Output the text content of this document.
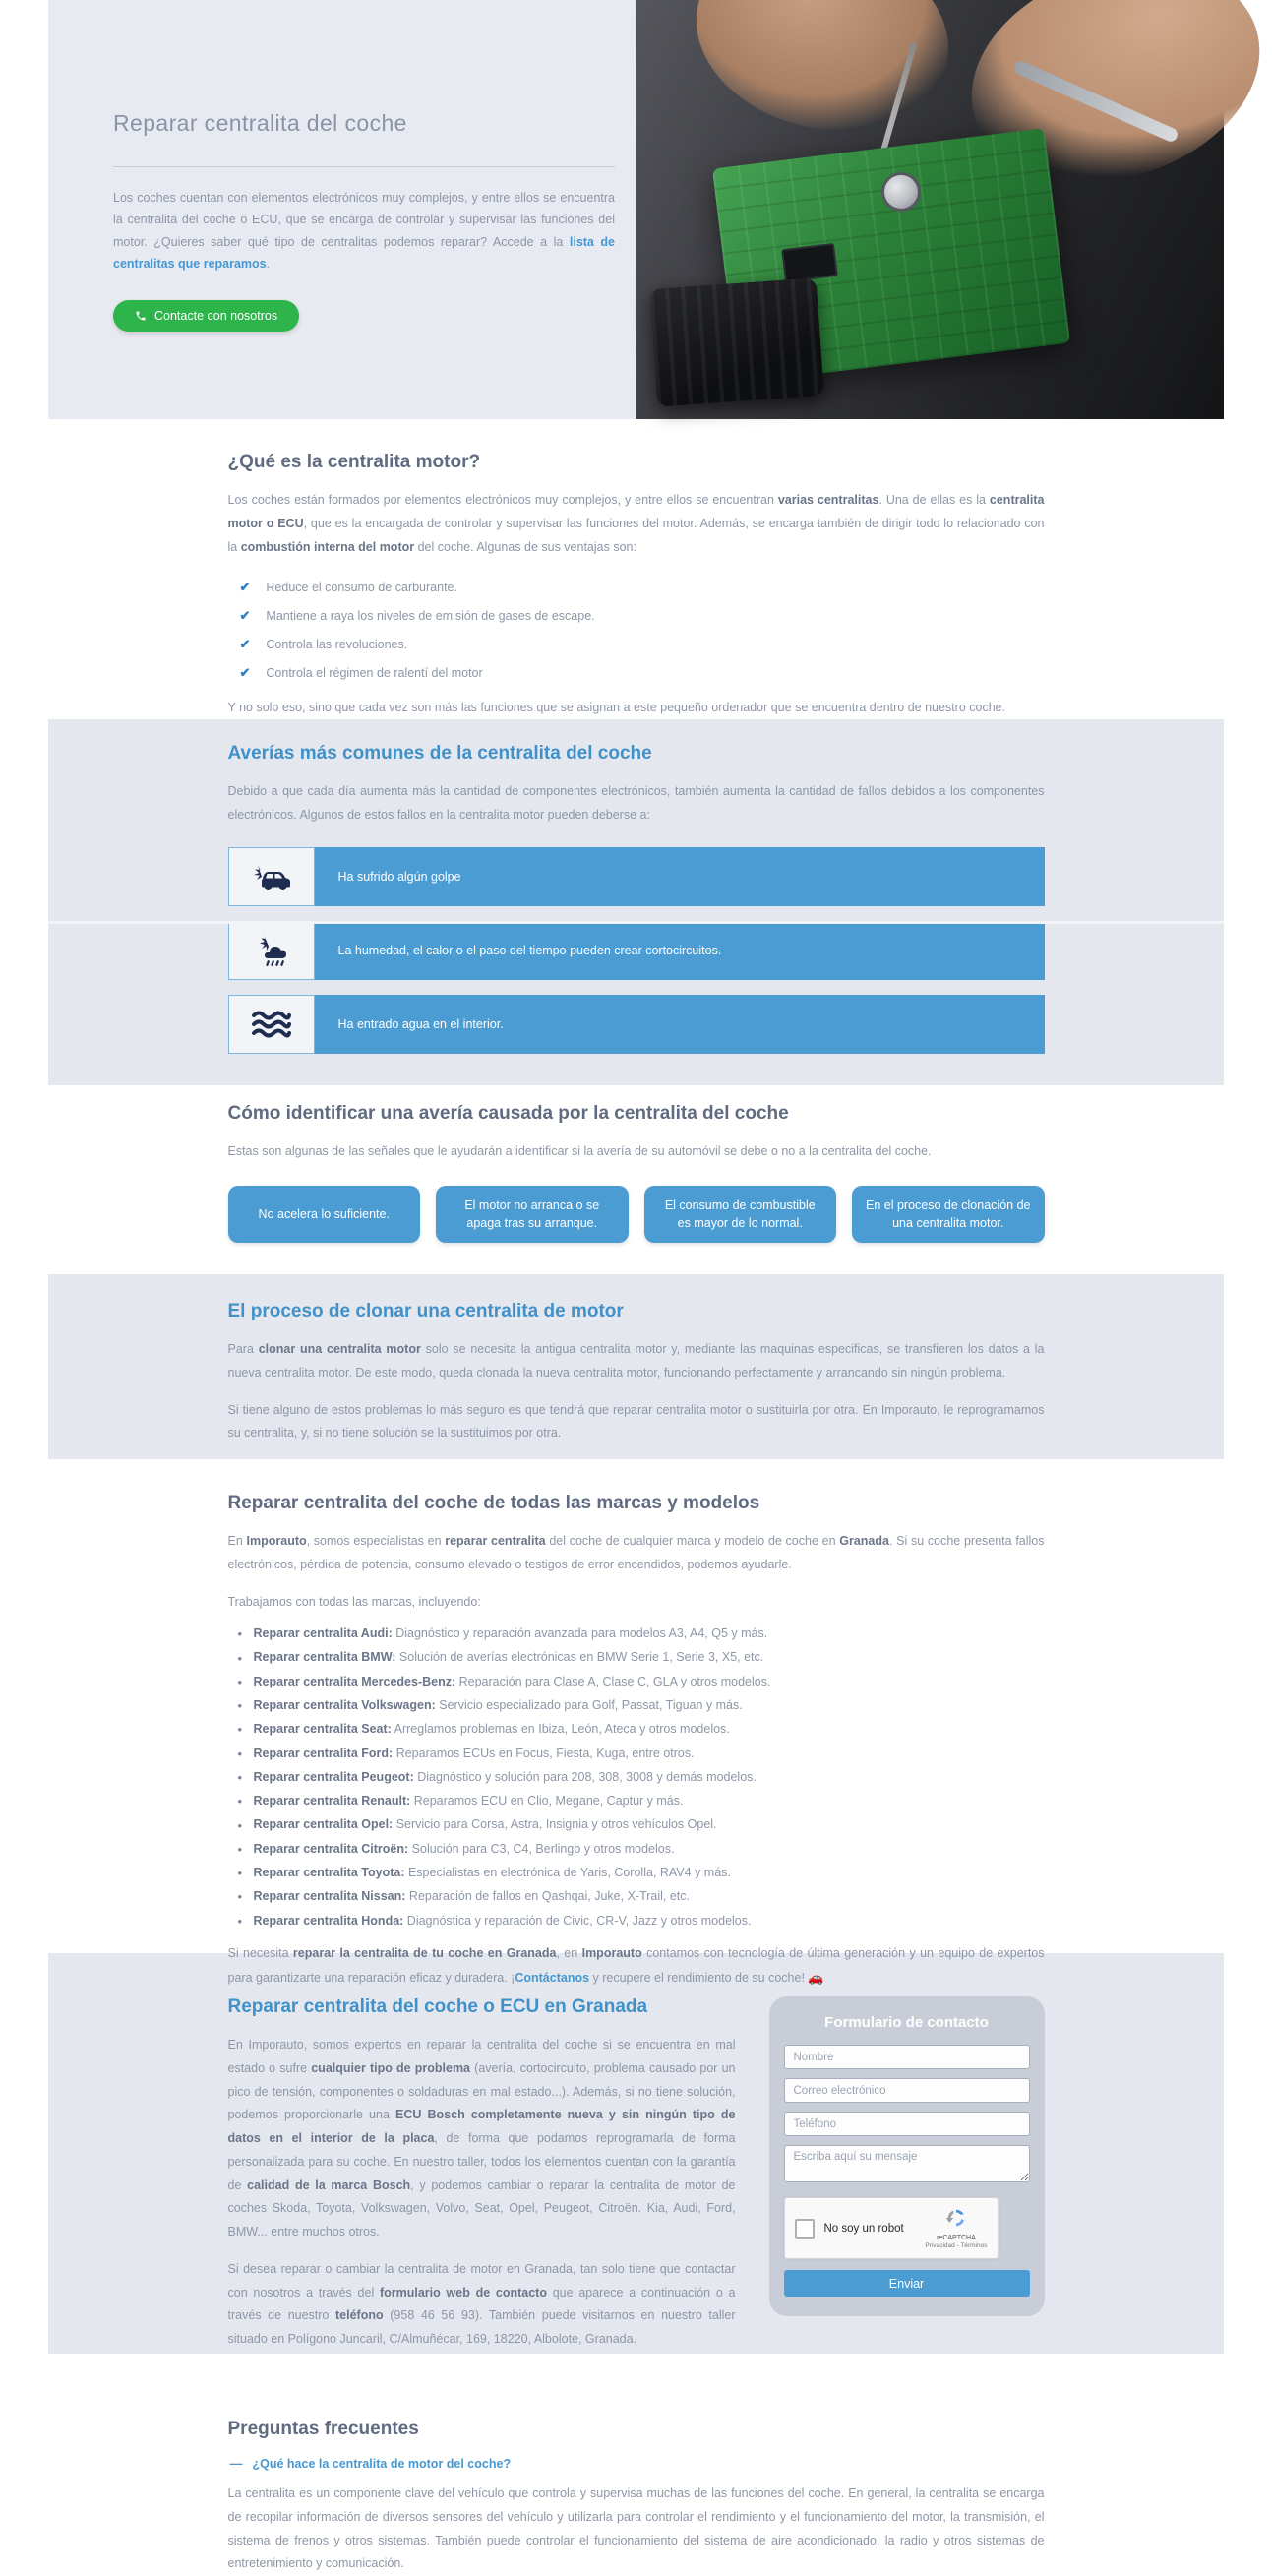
Reparar centralita del coche

Los coches cuentan con elementos electrónicos muy complejos, y entre ellos se encuentra la centralita del coche o ECU, que se encarga de controlar y supervisar las funciones del motor. ¿Quieres saber qué tipo de centralitas podemos reparar? Accede a la lista de centralitas que reparamos.

Contacte con nosotros
¿Qué es la centralita motor?

Los coches están formados por elementos electrónicos muy complejos, y entre ellos se encuentran varias centralitas. Una de ellas es la centralita motor o ECU, que es la encargada de controlar y supervisar las funciones del motor. Además, se encarga también de dirigir todo lo relacionado con la combustión interna del motor del coche. Algunas de sus ventajas son:

✔ Reduce el consumo de carburante.
✔ Mantiene a raya los niveles de emisión de gases de escape.
✔ Controla las revoluciones.
✔ Controla el régimen de ralentí del motor

Y no solo eso, sino que cada vez son más las funciones que se asignan a este pequeño ordenador que se encuentra dentro de nuestro coche.

Averías más comunes de la centralita del coche

Debido a que cada día aumenta más la cantidad de componentes electrónicos, también aumenta la cantidad de fallos debidos a los componentes electrónicos. Algunos de estos fallos en la centralita motor pueden deberse a:

Ha sufrido algún golpe
La humedad, el calor o el paso del tiempo pueden crear cortocircuitos.
Ha entrado agua en el interior.
Cómo identificar una avería causada por la centralita del coche

Estas son algunas de las señales que le ayudarán a identificar si la avería de su automóvil se debe o no a la centralita del coche.

No acelera lo suficiente.
El motor no arranca o se apaga tras su arranque.
El consumo de combustible es mayor de lo normal.
En el proceso de clonación de una centralita motor.
El proceso de clonar una centralita de motor

Para clonar una centralita motor solo se necesita la antigua centralita motor y, mediante las maquinas especificas, se transfieren los datos a la nueva centralita motor. De este modo, queda clonada la nueva centralita motor, funcionando perfectamente y arrancando sin ningún problema.

Si tiene alguno de estos problemas lo más seguro es que tendrá que reparar centralita motor o sustituirla por otra. En Imporauto, le reprogramamos su centralita, y, si no tiene solución se la sustituimos por otra.

Reparar centralita del coche de todas las marcas y modelos

En Imporauto, somos especialistas en reparar centralita del coche de cualquier marca y modelo de coche en Granada. Si su coche presenta fallos electrónicos, pérdida de potencia, consumo elevado o testigos de error encendidos, podemos ayudarle.

Trabajamos con todas las marcas, incluyendo:

• Reparar centralita Audi: Diagnóstico y reparación avanzada para modelos A3, A4, Q5 y más.
• Reparar centralita BMW: Solución de averías electrónicas en BMW Serie 1, Serie 3, X5, etc.
• Reparar centralita Mercedes-Benz: Reparación para Clase A, Clase C, GLA y otros modelos.
• Reparar centralita Volkswagen: Servicio especializado para Golf, Passat, Tiguan y más.
• Reparar centralita Seat: Arreglamos problemas en Ibiza, León, Ateca y otros modelos.
• Reparar centralita Ford: Reparamos ECUs en Focus, Fiesta, Kuga, entre otros.
• Reparar centralita Peugeot: Diagnóstico y solución para 208, 308, 3008 y demás modelos.
• Reparar centralita Renault: Reparamos ECU en Clio, Megane, Captur y más.
• Reparar centralita Opel: Servicio para Corsa, Astra, Insignia y otros vehículos Opel.
• Reparar centralita Citroën: Solución para C3, C4, Berlingo y otros modelos.
• Reparar centralita Toyota: Especialistas en electrónica de Yaris, Corolla, RAV4 y más.
• Reparar centralita Nissan: Reparación de fallos en Qashqai, Juke, X-Trail, etc.
• Reparar centralita Honda: Diagnóstica y reparación de Civic, CR-V, Jazz y otros modelos.

Si necesita reparar la centralita de tu coche en Granada, en Imporauto contamos con tecnología de última generación y un equipo de expertos para garantizarte una reparación eficaz y duradera. ¡Contáctanos y recupere el rendimiento de su coche! 🚗

Reparar centralita del coche o ECU en Granada

En Imporauto, somos expertos en reparar la centralita del coche si se encuentra en mal estado o sufre cualquier tipo de problema (avería, cortocircuito, problema causado por un pico de tensión, componentes o soldaduras en mal estado...). Además, si no tiene solución, podemos proporcionarle una ECU Bosch completamente nueva y sin ningún tipo de datos en el interior de la placa, de forma que podamos reprogramarla de forma personalizada para su coche. En nuestro taller, todos los elementos cuentan con la garantía de calidad de la marca Bosch, y podemos cambiar o reparar la centralita de motor de coches Skoda, Toyota, Volkswagen, Volvo, Seat, Opel, Peugeot, Citroën. Kia, Audi, Ford, BMW... entre muchos otros.

Si desea reparar o cambiar la centralita de motor en Granada, tan solo tiene que contactar con nosotros a través del formulario web de contacto que aparece a continuación o a través de nuestro teléfono (958 46 56 93). También puede visitarnos en nuestro taller situado en Polígono Juncaril, C/Almuñécar, 169, 18220, Albolote, Granada.

Formulario de contacto
Nombre Correo electrónico Teléfono Escriba aquí su mensaje
No soy un robot
reCAPTCHA
Privacidad - Términos
Enviar
Preguntas frecuentes
— ¿Qué hace la centralita de motor del coche?

La centralita es un componente clave del vehículo que controla y supervisa muchas de las funciones del coche. En general, la centralita se encarga de recopilar información de diversos sensores del vehículo y utilizarla para controlar el rendimiento y el funcionamiento del motor, la transmisión, el sistema de frenos y otros sistemas. También puede controlar el funcionamiento del sistema de aire acondicionado, la radio y otros sistemas de entretenimiento y comunicación.
